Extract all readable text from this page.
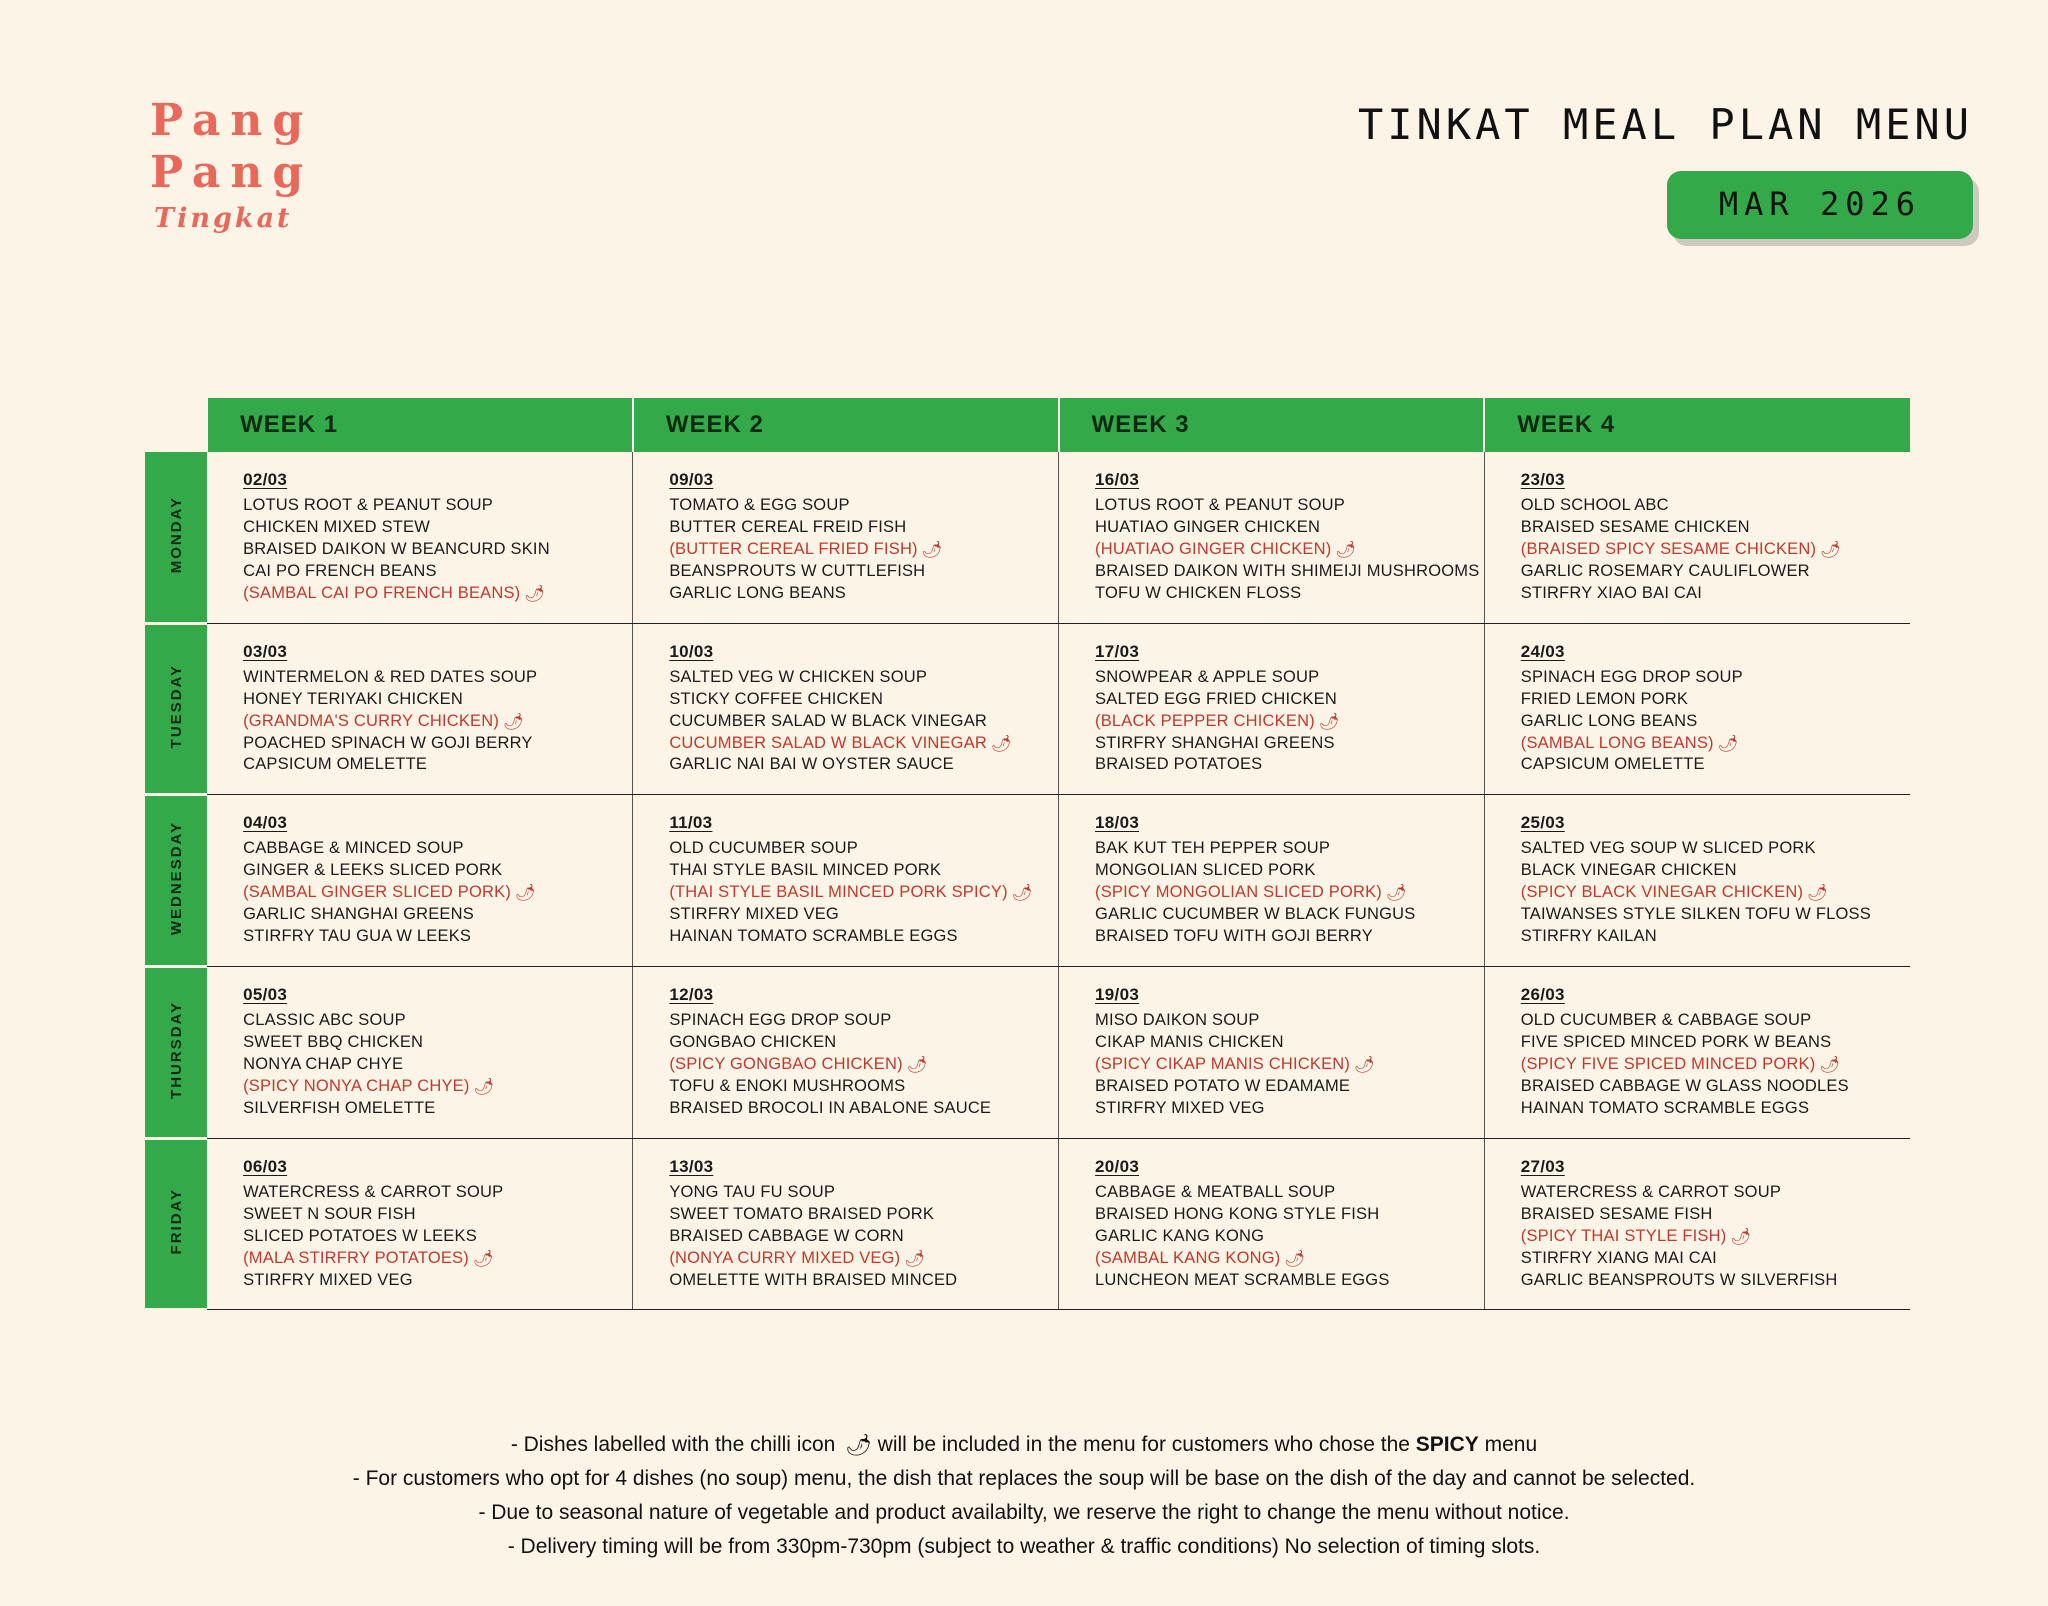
Pang
Pang
Tingkat
TINKAT MEAL PLAN MENU
MAR 2026
	WEEK 1	WEEK 2	WEEK 3	WEEK 4
MONDAY	
02/03
LOTUS ROOT & PEANUT SOUP
CHICKEN MIXED STEW
BRAISED DAIKON W BEANCURD SKIN
CAI PO FRENCH BEANS
(SAMBAL CAI PO FRENCH BEANS) 🌶

09/03
TOMATO & EGG SOUP
BUTTER CEREAL FREID FISH
(BUTTER CEREAL FRIED FISH) 🌶
BEANSPROUTS W CUTTLEFISH
GARLIC LONG BEANS

16/03
LOTUS ROOT & PEANUT SOUP
HUATIAO GINGER CHICKEN
(HUATIAO GINGER CHICKEN) 🌶
BRAISED DAIKON WITH SHIMEIJI MUSHROOMS
TOFU W CHICKEN FLOSS

23/03
OLD SCHOOL ABC
BRAISED SESAME CHICKEN
(BRAISED SPICY SESAME CHICKEN) 🌶
GARLIC ROSEMARY CAULIFLOWER
STIRFRY XIAO BAI CAI

TUESDAY	
03/03
WINTERMELON & RED DATES SOUP
HONEY TERIYAKI CHICKEN
(GRANDMA'S CURRY CHICKEN) 🌶
POACHED SPINACH W GOJI BERRY
CAPSICUM OMELETTE

10/03
SALTED VEG W CHICKEN SOUP
STICKY COFFEE CHICKEN
CUCUMBER SALAD W BLACK VINEGAR
CUCUMBER SALAD W BLACK VINEGAR 🌶
GARLIC NAI BAI W OYSTER SAUCE

17/03
SNOWPEAR & APPLE SOUP
SALTED EGG FRIED CHICKEN
(BLACK PEPPER CHICKEN) 🌶
STIRFRY SHANGHAI GREENS
BRAISED POTATOES

24/03
SPINACH EGG DROP SOUP
FRIED LEMON PORK
GARLIC LONG BEANS
(SAMBAL LONG BEANS) 🌶
CAPSICUM OMELETTE

WEDNESDAY	04/03
CABBAGE & MINCED SOUP
GINGER & LEEKS SLICED PORK
(SAMBAL GINGER SLICED PORK) 🌶
GARLIC SHANGHAI GREENS
STIRFRY TAU GUA W LEEKS

11/03
OLD CUCUMBER SOUP
THAI STYLE BASIL MINCED PORK
(THAI STYLE BASIL MINCED PORK SPICY) 🌶
STIRFRY MIXED VEG
HAINAN TOMATO SCRAMBLE EGGS

18/03
BAK KUT TEH PEPPER SOUP
MONGOLIAN SLICED PORK
(SPICY MONGOLIAN SLICED PORK) 🌶
GARLIC CUCUMBER W BLACK FUNGUS
BRAISED TOFU WITH GOJI BERRY

25/03
SALTED VEG SOUP W SLICED PORK
BLACK VINEGAR CHICKEN
(SPICY BLACK VINEGAR CHICKEN) 🌶
TAIWANSES STYLE SILKEN TOFU W FLOSS
STIRFRY KAILAN

THURSDAY	
05/03
CLASSIC ABC SOUP
SWEET BBQ CHICKEN
NONYA CHAP CHYE
(SPICY NONYA CHAP CHYE) 🌶
SILVERFISH OMELETTE

12/03
SPINACH EGG DROP SOUP
GONGBAO CHICKEN
(SPICY GONGBAO CHICKEN) 🌶
TOFU & ENOKI MUSHROOMS
BRAISED BROCOLI IN ABALONE SAUCE

19/03
MISO DAIKON SOUP
CIKAP MANIS CHICKEN
(SPICY CIKAP MANIS CHICKEN) 🌶
BRAISED POTATO W EDAMAME
STIRFRY MIXED VEG

26/03
OLD CUCUMBER & CABBAGE SOUP
FIVE SPICED MINCED PORK W BEANS
(SPICY FIVE SPICED MINCED PORK) 🌶
BRAISED CABBAGE W GLASS NOODLES
HAINAN TOMATO SCRAMBLE EGGS

FRIDAY	
06/03
WATERCRESS & CARROT SOUP
SWEET N SOUR FISH
SLICED POTATOES W LEEKS
(MALA STIRFRY POTATOES) 🌶
STIRFRY MIXED VEG

13/03
YONG TAU FU SOUP
SWEET TOMATO BRAISED PORK
BRAISED CABBAGE W CORN
(NONYA CURRY MIXED VEG) 🌶
OMELETTE WITH BRAISED MINCED

20/03
CABBAGE & MEATBALL SOUP
BRAISED HONG KONG STYLE FISH
GARLIC KANG KONG
(SAMBAL KANG KONG) 🌶
LUNCHEON MEAT SCRAMBLE EGGS

27/03
WATERCRESS & CARROT SOUP
BRAISED SESAME FISH
(SPICY THAI STYLE FISH) 🌶
STIRFRY XIANG MAI CAI
GARLIC BEANSPROUTS W SILVERFISH
- Dishes labelled with the chilli icon 🌶 will be included in the menu for customers who chose the SPICY menu
- For customers who opt for 4 dishes (no soup) menu, the dish that replaces the soup will be base on the dish of the day and cannot be selected.
- Due to seasonal nature of vegetable and product availabilty, we reserve the right to change the menu without notice.
- Delivery timing will be from 330pm-730pm (subject to weather & traffic conditions) No selection of timing slots.
